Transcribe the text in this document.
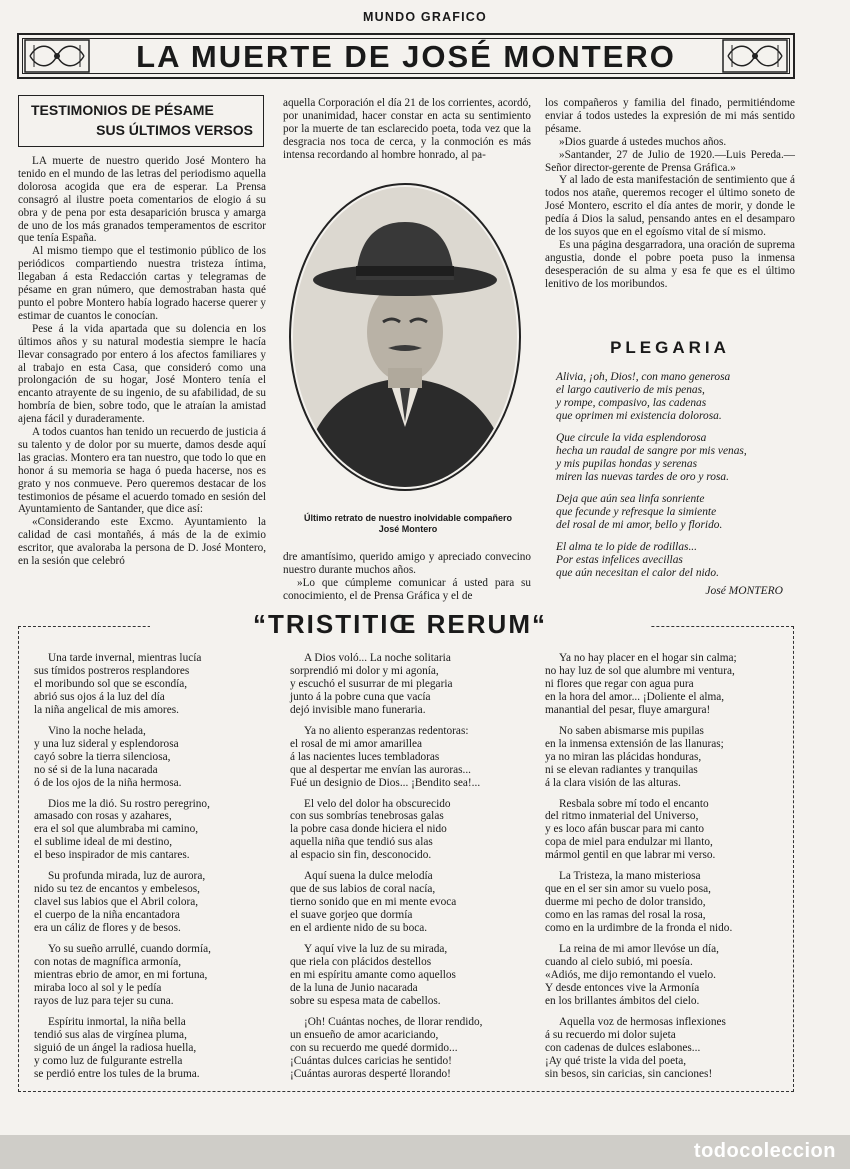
MUNDO GRAFICO
LA MUERTE DE JOSÉ MONTERO
TESTIMONIOS DE PÉSAME
SUS ÚLTIMOS VERSOS

LA muerte de nuestro querido José Montero ha tenido en el mundo de las letras del periodismo aquella dolorosa acogida que era de esperar. La Prensa consagró al ilustre poeta comentarios de elogio á su obra y de pena por esta desaparición brusca y amarga de uno de los más granados temperamentos de escritor que tenía España.

Al mismo tiempo que el testimonio público de los periódicos compartiendo nuestra tristeza íntima, llegaban á esta Redacción cartas y telegramas de pésame en gran número, que demostraban hasta qué punto el pobre Montero había logrado hacerse querer y estimar de cuantos le conocían.

Pese á la vida apartada que su dolencia en los últimos años y su natural modestia siempre le hacía llevar consagrado por entero á los afectos familiares y al trabajo en esta Casa, que consideró como una prolongación de su hogar, José Montero tenía el encanto atrayente de su ingenio, de su afabilidad, de su hombría de bien, sobre todo, que le atraían la amistad ajena fácil y duraderamente.

A todos cuantos han tenido un recuerdo de justicia á su talento y de dolor por su muerte, damos desde aquí las gracias. Montero era tan nuestro, que todo lo que en honor á su memoria se haga ó pueda hacerse, nos es grato y nos conmueve. Pero queremos destacar de los testimonios de pésame el acuerdo tomado en sesión del Ayuntamiento de Santander, que dice así:

«Considerando este Excmo. Ayuntamiento la calidad de casi montañés, á más de la de eximio escritor, que avaloraba la persona de D. José Montero, en la sesión que celebró

aquella Corporación el día 21 de los corrientes, acordó, por unanimidad, hacer constar en acta su sentimiento por la muerte de tan esclarecido poeta, toda vez que la desgracia nos toca de cerca, y la conmoción es más intensa recordando al hombre honrado, al pa-

Último retrato de nuestro inolvidable compañero
José Montero

dre amantísimo, querido amigo y apreciado convecino nuestro durante muchos años.

»Lo que cúmpleme comunicar á usted para su conocimiento, el de Prensa Gráfica y el de

los compañeros y familia del finado, permitiéndome enviar á todos ustedes la expresión de mi más sentido pésame.

»Dios guarde á ustedes muchos años.

»Santander, 27 de Julio de 1920.—Luis Pereda.—Señor director-gerente de Prensa Gráfica.»

Y al lado de esta manifestación de sentimiento que á todos nos atañe, queremos recoger el último soneto de José Montero, escrito el día antes de morir, y donde le pedía á Dios la salud, pensando antes en el desamparo de los suyos que en el egoísmo vital de sí mismo.

Es una página desgarradora, una oración de suprema angustia, donde el pobre poeta puso la inmensa desesperación de su alma y esa fe que es el último lenitivo de los moribundos.

PLEGARIA
Alivia, ¡oh, Dios!, con mano generosa
el largo cautiverio de mis penas,
y rompe, compasivo, las cadenas
que oprimen mi existencia dolorosa.
Que circule la vida esplendorosa
hecha un raudal de sangre por mis venas,
y mis pupilas hondas y serenas
miren las nuevas tardes de oro y rosa.
Deja que aún sea linfa sonriente
que fecunde y refresque la simiente
del rosal de mi amor, bello y florido.
El alma te lo pide de rodillas...
Por estas infelices avecillas
que aún necesitan el calor del nido.
José MONTERO
“TRISTITIŒ RERUM“
Una tarde invernal, mientras lucía
sus tímidos postreros resplandores
el moribundo sol que se escondía,
abrió sus ojos á la luz del día
la niña angelical de mis amores.
Vino la noche helada,
y una luz sideral y esplendorosa
cayó sobre la tierra silenciosa,
no sé si de la luna nacarada
ó de los ojos de la niña hermosa.
Dios me la dió. Su rostro peregrino,
amasado con rosas y azahares,
era el sol que alumbraba mi camino,
el sublime ideal de mi destino,
el beso inspirador de mis cantares.
Su profunda mirada, luz de aurora,
nido su tez de encantos y embelesos,
clavel sus labios que el Abril colora,
el cuerpo de la niña encantadora
era un cáliz de flores y de besos.
Yo su sueño arrullé, cuando dormía,
con notas de magnífica armonía,
mientras ebrio de amor, en mi fortuna,
miraba loco al sol y le pedía
rayos de luz para tejer su cuna.
Espíritu inmortal, la niña bella
tendió sus alas de virgínea pluma,
siguió de un ángel la radiosa huella,
y como luz de fulgurante estrella
se perdió entre los tules de la bruma.
A Dios voló... La noche solitaria
sorprendió mi dolor y mi agonía,
y escuchó el susurrar de mi plegaria
junto á la pobre cuna que vacía
dejó invisible mano funeraria.
Ya no aliento esperanzas redentoras:
el rosal de mi amor amarillea
á las nacientes luces tembladoras
que al despertar me envían las auroras...
Fué un designio de Dios... ¡Bendito sea!...
El velo del dolor ha obscurecido
con sus sombrías tenebrosas galas
la pobre casa donde hiciera el nido
aquella niña que tendió sus alas
al espacio sin fin, desconocido.
Aquí suena la dulce melodía
que de sus labios de coral nacía,
tierno sonido que en mi mente evoca
el suave gorjeo que dormía
en el ardiente nido de su boca.
Y aquí vive la luz de su mirada,
que riela con plácidos destellos
en mi espíritu amante como aquellos
de la luna de Junio nacarada
sobre su espesa mata de cabellos.
¡Oh! Cuántas noches, de llorar rendido,
un ensueño de amor acariciando,
con su recuerdo me quedé dormido...
¡Cuántas dulces caricias he sentido!
¡Cuántas auroras desperté llorando!
Ya no hay placer en el hogar sin calma;
no hay luz de sol que alumbre mi ventura,
ni flores que regar con agua pura
en la hora del amor... ¡Doliente el alma,
manantial del pesar, fluye amargura!
No saben abismarse mis pupilas
en la inmensa extensión de las llanuras;
ya no miran las plácidas honduras,
ni se elevan radiantes y tranquilas
á la clara visión de las alturas.
Resbala sobre mí todo el encanto
del ritmo inmaterial del Universo,
y es loco afán buscar para mi canto
copa de miel para endulzar mi llanto,
mármol gentil en que labrar mi verso.
La Tristeza, la mano misteriosa
que en el ser sin amor su vuelo posa,
duerme mi pecho de dolor transido,
como en las ramas del rosal la rosa,
como en la urdimbre de la fronda el nido.
La reina de mi amor llevóse un día,
cuando al cielo subió, mi poesía.
«Adiós, me dijo remontando el vuelo.
Y desde entonces vive la Armonía
en los brillantes ámbitos del cielo.
Aquella voz de hermosas inflexiones
á su recuerdo mi dolor sujeta
con cadenas de dulces eslabones...
¡Ay qué triste la vida del poeta,
sin besos, sin caricias, sin canciones!
todocoleccion
